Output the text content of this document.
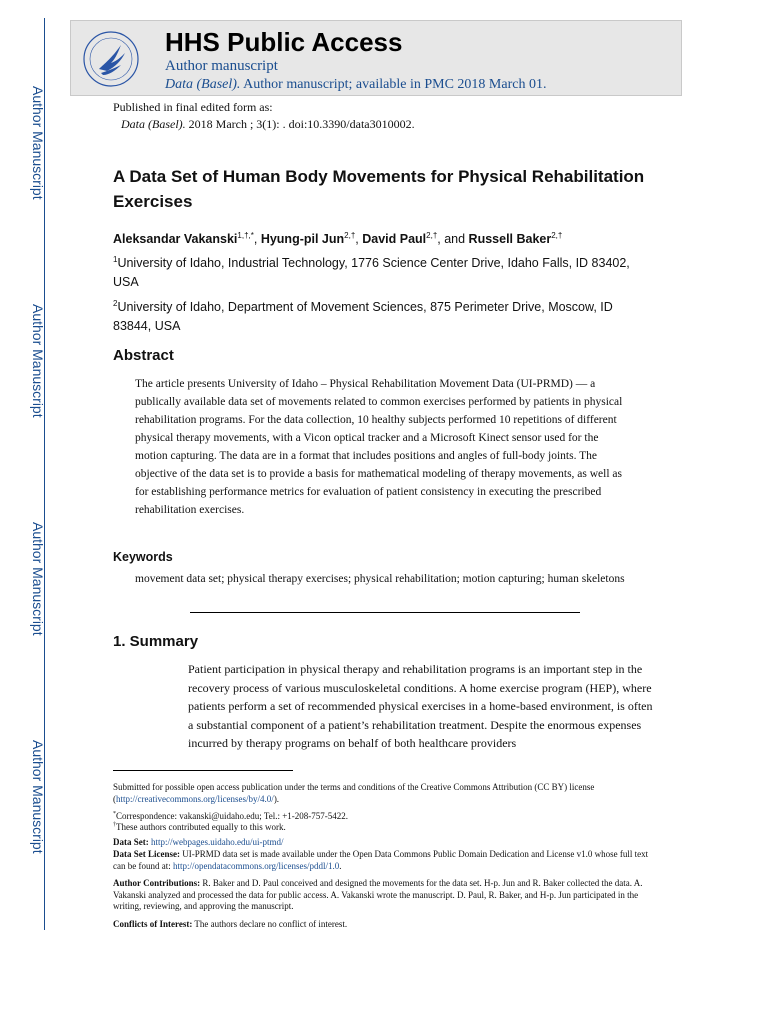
Author Manuscript
Author Manuscript
Author Manuscript
Author Manuscript
HHS Public Access
Author manuscript
Data (Basel). Author manuscript; available in PMC 2018 March 01.
Published in final edited form as:
Data (Basel). 2018 March ; 3(1): . doi:10.3390/data3010002.
A Data Set of Human Body Movements for Physical Rehabilitation Exercises
Aleksandar Vakanski$^{1,\dagger,*}$, Hyung-pil Jun$^{2,\dagger}$, David Paul$^{2,\dagger}$, and Russell Baker$^{2,\dagger}$
$^1$University of Idaho, Industrial Technology, 1776 Science Center Drive, Idaho Falls, ID 83402, USA
$^2$University of Idaho, Department of Movement Sciences, 875 Perimeter Drive, Moscow, ID 83844, USA
Abstract
The article presents University of Idaho – Physical Rehabilitation Movement Data (UI-PRMD) — a publically available data set of movements related to common exercises performed by patients in physical rehabilitation programs. For the data collection, 10 healthy subjects performed 10 repetitions of different physical therapy movements, with a Vicon optical tracker and a Microsoft Kinect sensor used for the motion capturing. The data are in a format that includes positions and angles of full-body joints. The objective of the data set is to provide a basis for mathematical modeling of therapy movements, as well as for establishing performance metrics for evaluation of patient consistency in executing the prescribed rehabilitation exercises.
Keywords
movement data set; physical therapy exercises; physical rehabilitation; motion capturing; human skeletons
1. Summary
Patient participation in physical therapy and rehabilitation programs is an important step in the recovery process of various musculoskeletal conditions. A home exercise program (HEP), where patients perform a set of recommended physical exercises in a home-based environment, is often a substantial component of a patient’s rehabilitation treatment. Despite the enormous expenses incurred by therapy programs on behalf of both healthcare providers
Submitted for possible open access publication under the terms and conditions of the Creative Commons Attribution (CC BY) license (http://creativecommons.org/licenses/by/4.0/).
*Correspondence: vakanski@uidaho.edu; Tel.: +1-208-757-5422.
†These authors contributed equally to this work.
Data Set: http://webpages.uidaho.edu/ui-ptmd/
Data Set License: UI-PRMD data set is made available under the Open Data Commons Public Domain Dedication and License v1.0 whose full text can be found at: http://opendatacommons.org/licenses/pddl/1.0.
Author Contributions: R. Baker and D. Paul conceived and designed the movements for the data set. H-p. Jun and R. Baker collected the data. A. Vakanski analyzed and processed the data for public access. A. Vakanski wrote the manuscript. D. Paul, R. Baker, and H-p. Jun participated in the writing, reviewing, and approving the manuscript.
Conflicts of Interest: The authors declare no conflict of interest.
